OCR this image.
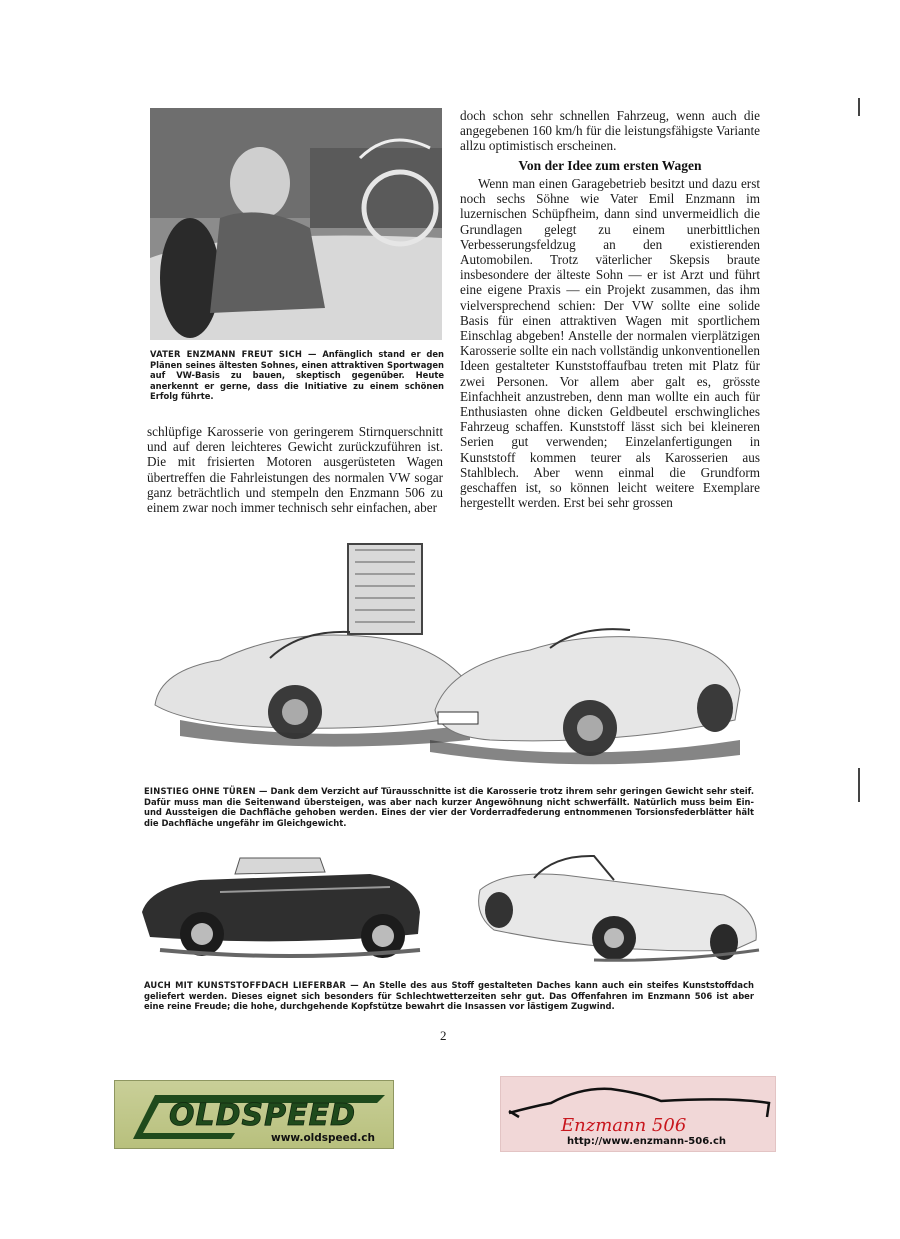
VATER ENZMANN FREUT SICH — Anfänglich stand er den Plänen seines ältesten Sohnes, einen attraktiven Sportwagen auf VW-Basis zu bauen, skeptisch gegenüber. Heute anerkennt er gerne, dass die Initiative zu einem schönen Erfolg führte.
schlüpfige Karosserie von geringerem Stirnquerschnitt und auf deren leichteres Gewicht zurückzuführen ist. Die mit frisierten Motoren ausgerüsteten Wagen übertreffen die Fahrleistungen des normalen VW sogar ganz beträchtlich und stempeln den Enzmann 506 zu einem zwar noch immer technisch sehr einfachen, aber
doch schon sehr schnellen Fahrzeug, wenn auch die angegebenen 160 km/h für die leistungsfähigste Variante allzu optimistisch erscheinen.
Von der Idee zum ersten Wagen
Wenn man einen Garagebetrieb besitzt und dazu erst noch sechs Söhne wie Vater Emil Enzmann im luzernischen Schüpfheim, dann sind unvermeidlich die Grundlagen gelegt zu einem unerbittlichen Verbesserungsfeldzug an den existierenden Automobilen. Trotz väterlicher Skepsis braute insbesondere der älteste Sohn — er ist Arzt und führt eine eigene Praxis — ein Projekt zusammen, das ihm vielversprechend schien: Der VW sollte eine solide Basis für einen attraktiven Wagen mit sportlichem Einschlag abgeben! Anstelle der normalen vierplätzigen Karosserie sollte ein nach vollständig unkonventionellen Ideen gestalteter Kunststoffaufbau treten mit Platz für zwei Personen. Vor allem aber galt es, grösste Einfachheit anzustreben, denn man wollte ein auch für Enthusiasten ohne dicken Geldbeutel erschwingliches Fahrzeug schaffen. Kunststoff lässt sich bei kleineren Serien gut verwenden; Einzelanfertigungen in Kunststoff kommen teurer als Karosserien aus Stahlblech. Aber wenn einmal die Grundform geschaffen ist, so können leicht weitere Exemplare hergestellt werden. Erst bei sehr grossen
EINSTIEG OHNE TÜREN — Dank dem Verzicht auf Türausschnitte ist die Karosserie trotz ihrem sehr geringen Gewicht sehr steif. Dafür muss man die Seitenwand übersteigen, was aber nach kurzer Angewöhnung nicht schwerfällt. Natürlich muss beim Ein- und Aussteigen die Dachfläche gehoben werden. Eines der vier der Vorderradfederung entnommenen Torsionsfederblätter hält die Dachfläche ungefähr im Gleichgewicht.
AUCH MIT KUNSTSTOFFDACH LIEFERBAR — An Stelle des aus Stoff gestalteten Daches kann auch ein steifes Kunststoffdach geliefert werden. Dieses eignet sich besonders für Schlechtwetterzeiten sehr gut. Das Offenfahren im Enzmann 506 ist aber eine reine Freude; die hohe, durchgehende Kopfstütze bewahrt die Insassen vor lästigem Zugwind.
2
OLDSPEED
www.oldspeed.ch
Enzmann 506
http://www.enzmann-506.ch
